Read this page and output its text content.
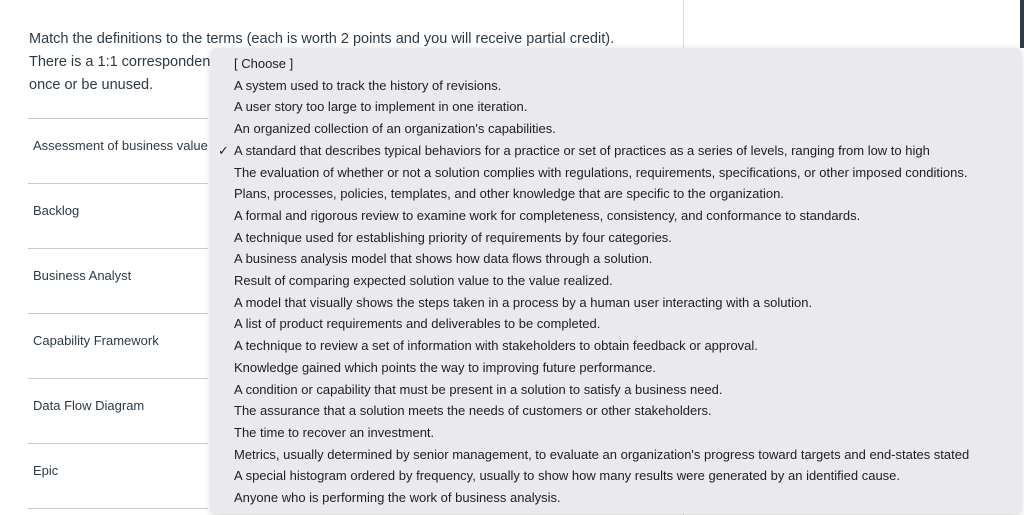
Match the definitions to the terms (each is worth 2 points and you will receive partial credit).
There is a 1:1 corresponden
once or be unused.
Assessment of business value
Backlog
Business Analyst
Capability Framework
Data Flow Diagram
Epic
[ Choose ]
A system used to track the history of revisions.
A user story too large to implement in one iteration.
An organized collection of an organization's capabilities.
✓ A standard that describes typical behaviors for a practice or set of practices as a series of levels, ranging from low to high
The evaluation of whether or not a solution complies with regulations, requirements, specifications, or other imposed conditions.
Plans, processes, policies, templates, and other knowledge that are specific to the organization.
A formal and rigorous review to examine work for completeness, consistency, and conformance to standards.
A technique used for establishing priority of requirements by four categories.
A business analysis model that shows how data flows through a solution.
Result of comparing expected solution value to the value realized.
A model that visually shows the steps taken in a process by a human user interacting with a solution.
A list of product requirements and deliverables to be completed.
A technique to review a set of information with stakeholders to obtain feedback or approval.
Knowledge gained which points the way to improving future performance.
A condition or capability that must be present in a solution to satisfy a business need.
The assurance that a solution meets the needs of customers or other stakeholders.
The time to recover an investment.
Metrics, usually determined by senior management, to evaluate an organization's progress toward targets and end-states stated
A special histogram ordered by frequency, usually to show how many results were generated by an identified cause.
Anyone who is performing the work of business analysis.
